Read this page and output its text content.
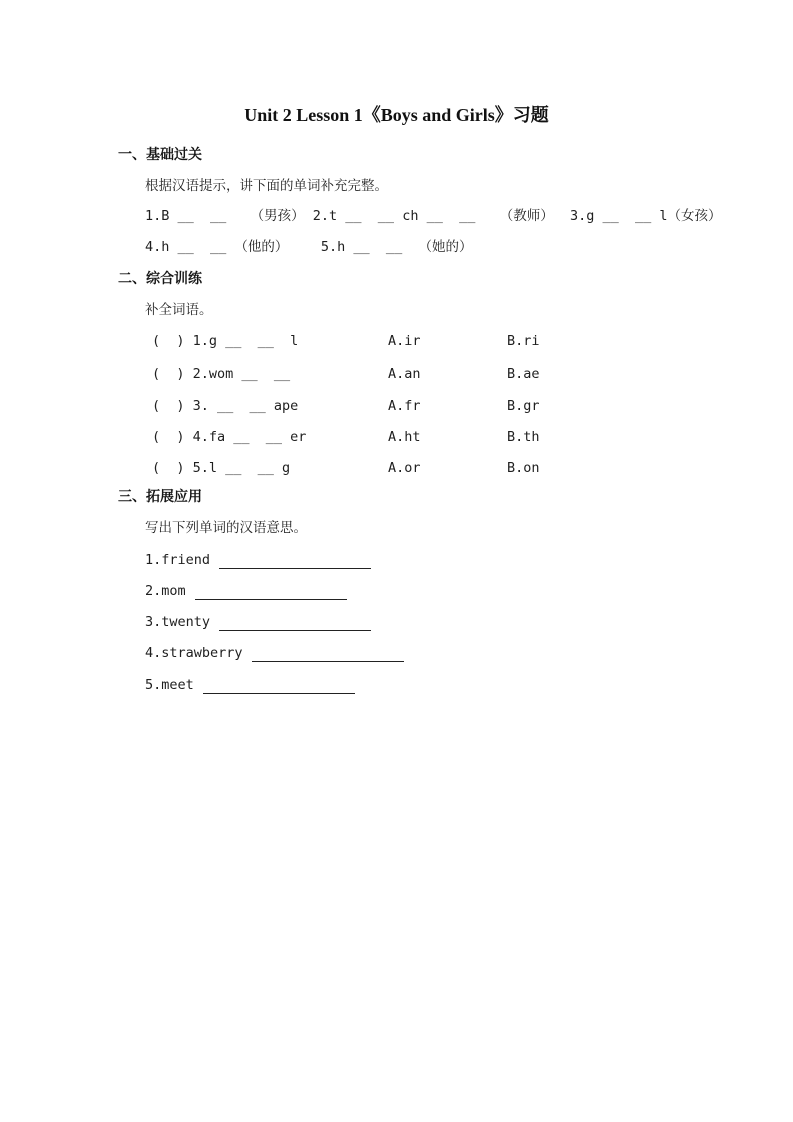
Unit 2 Lesson 1《Boys and Girls》习题
一、基础过关
根据汉语提示，讲下面的单词补充完整。
1.B __  __   （男孩） 2.t __  __ ch __  __   （教师）  3.g __  __ l（女孩）
4.h __  __ （他的）    5.h __  __  （她的）
二、综合训练
补全词语。
(  ) 1.g __  __  l	A.ir	B.ri
(  ) 2.wom __  __	A.an	B.ae
(  ) 3. __  __ ape	A.fr	B.gr
(  ) 4.fa __  __ er	A.ht	B.th
(  ) 5.l __  __ g	A.or	B.on
三、拓展应用
写出下列单词的汉语意思。
1.friend
2.mom
3.twenty
4.strawberry
5.meet
